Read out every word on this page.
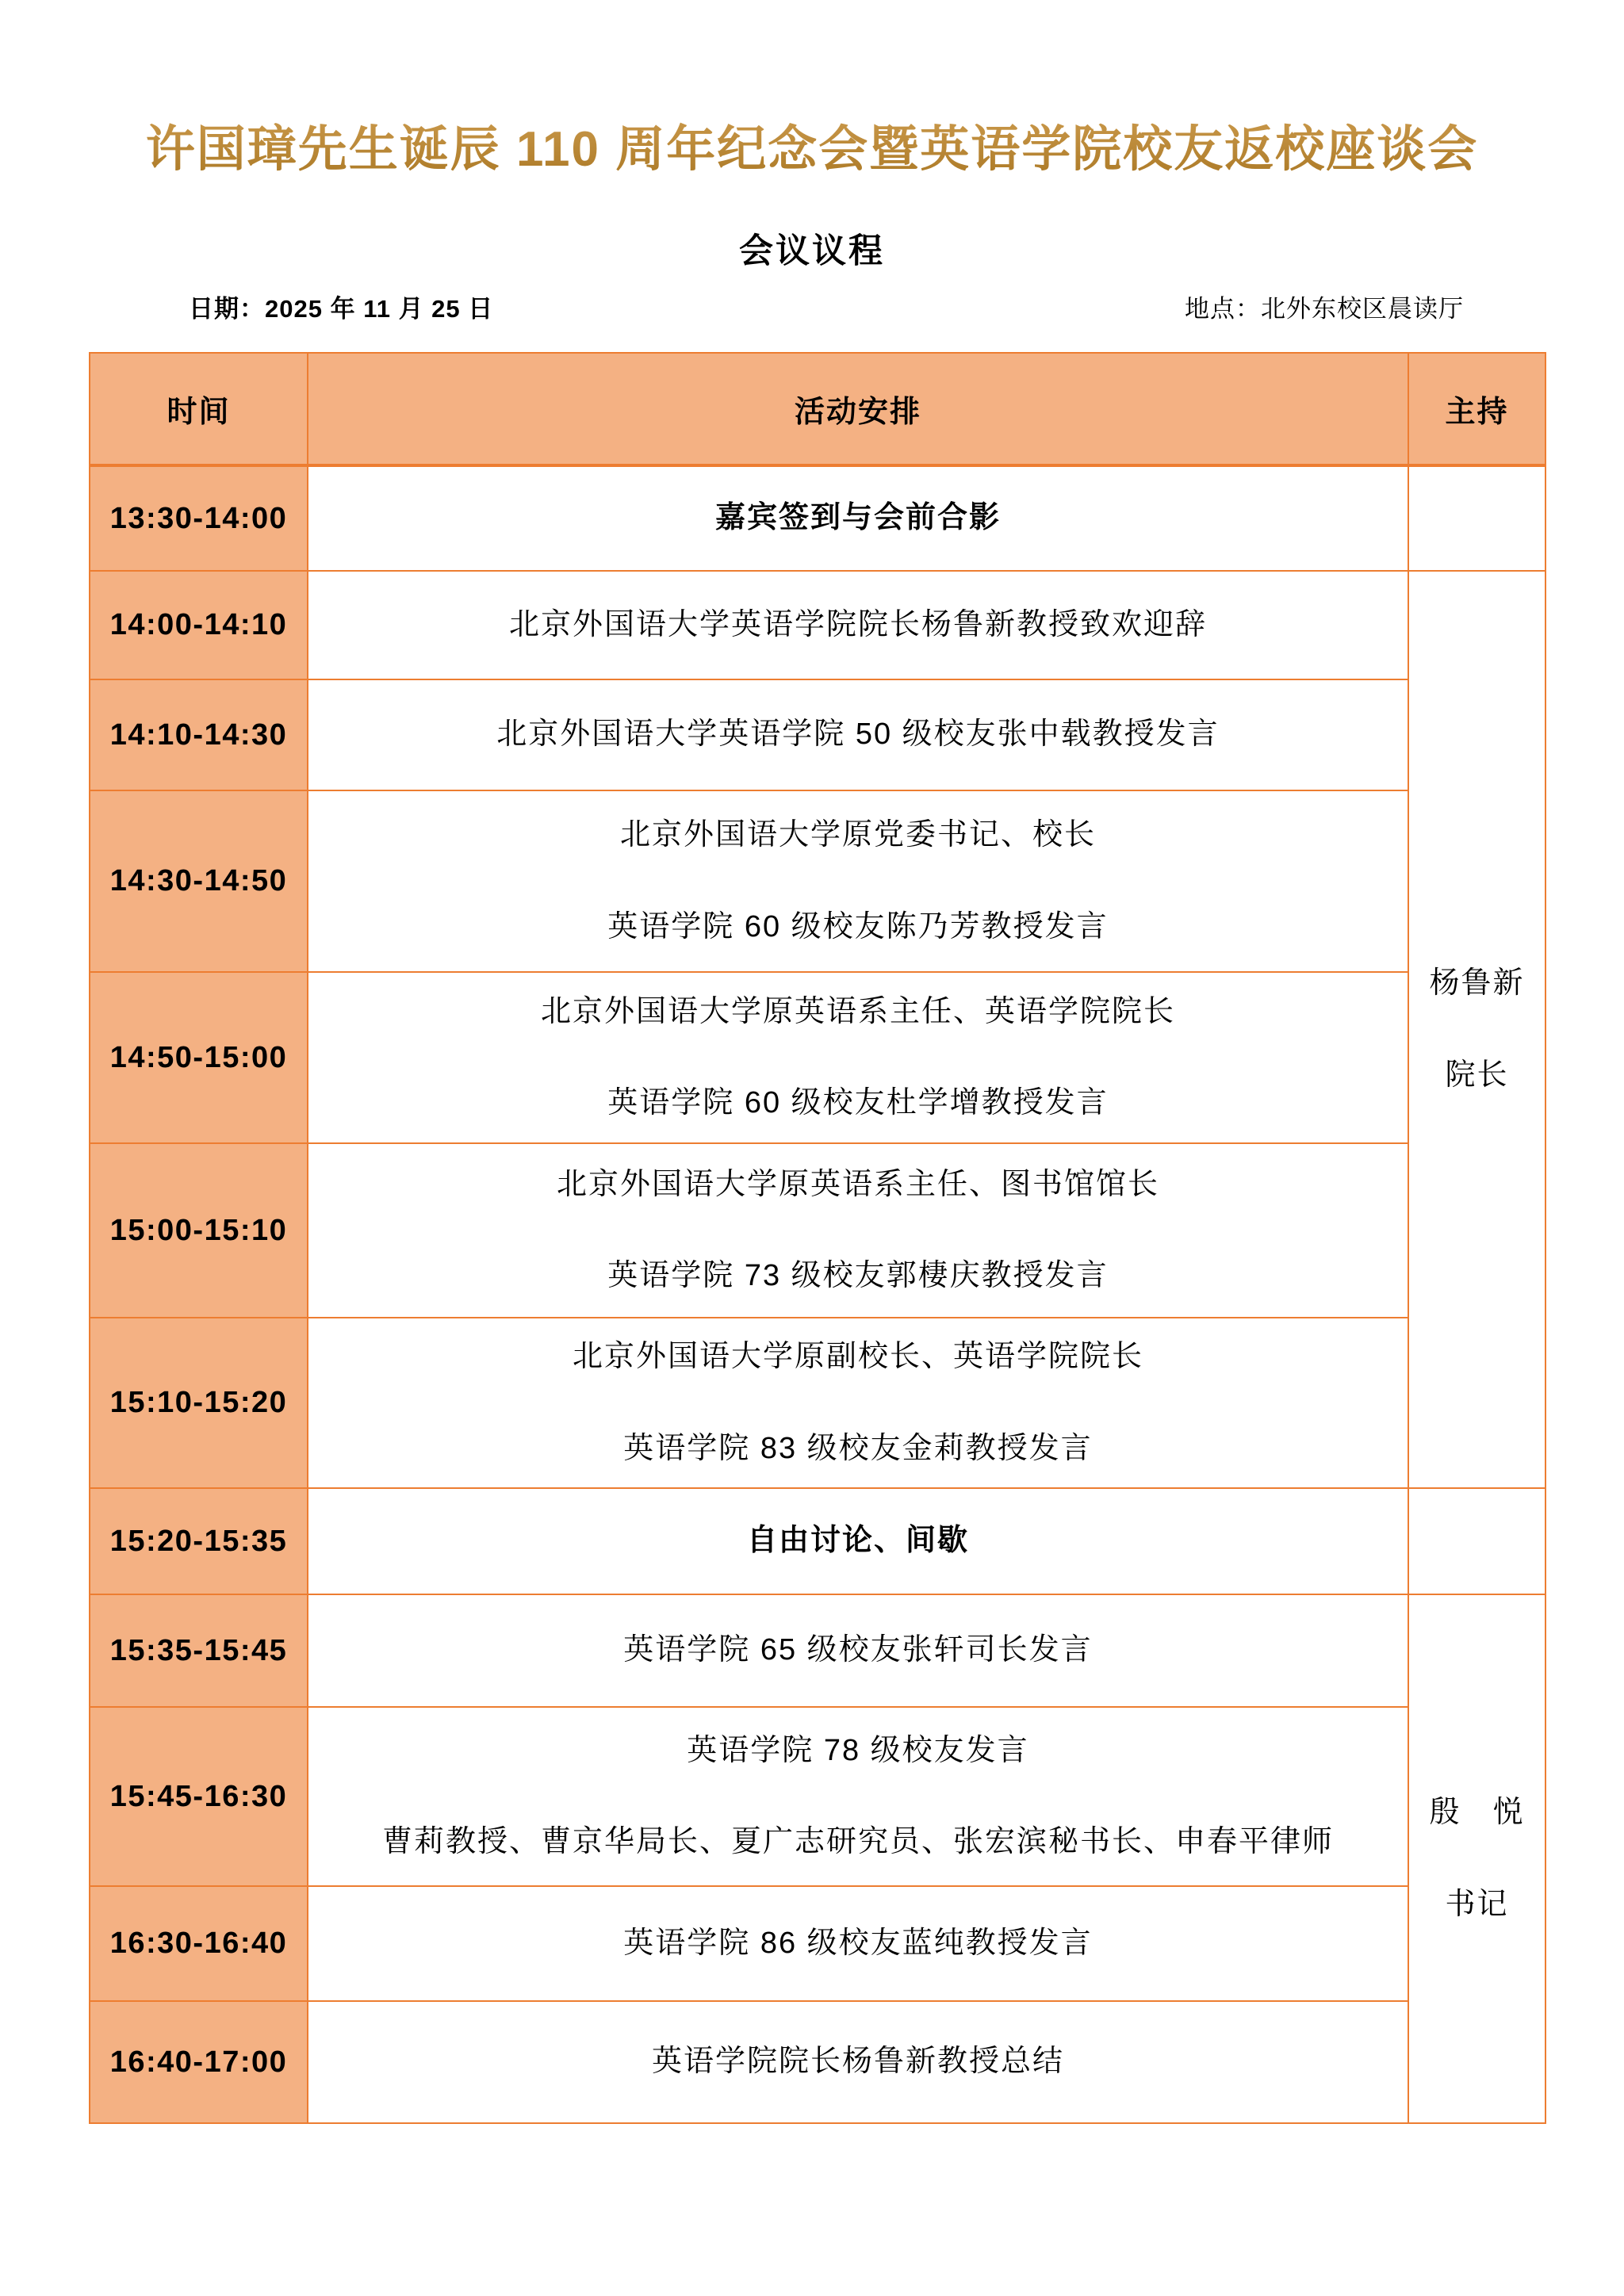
许国璋先生诞辰 110 周年纪念会暨英语学院校友返校座谈会
会议议程
日期：2025 年 11 月 25 日	地点：北外东校区晨读厅
时间	活动安排	主持
13:30-14:00	嘉宾签到与会前合影	

14:00-14:10	北京外国语大学英语学院院长杨鲁新教授致欢迎辞	杨鲁新
院长

14:10-14:30	北京外国语大学英语学院 50 级校友张中载教授发言	

14:30-14:50	北京外国语大学原党委书记、校长
英语学院 60 级校友陈乃芳教授发言	

14:50-15:00	北京外国语大学原英语系主任、英语学院院长
英语学院 60 级校友杜学增教授发言	

15:00-15:10	北京外国语大学原英语系主任、图书馆馆长
英语学院 73 级校友郭棲庆教授发言	

15:10-15:20	北京外国语大学原副校长、英语学院院长
英语学院 83 级校友金莉教授发言	

15:20-15:35	自由讨论、间歇	

15:35-15:45	英语学院 65 级校友张轩司长发言	殷　悦
书记

15:45-16:30	英语学院 78 级校友发言
曹莉教授、曹京华局长、夏广志研究员、张宏滨秘书长、申春平律师	

16:30-16:40	英语学院 86 级校友蓝纯教授发言	

16:40-17:00	英语学院院长杨鲁新教授总结	
